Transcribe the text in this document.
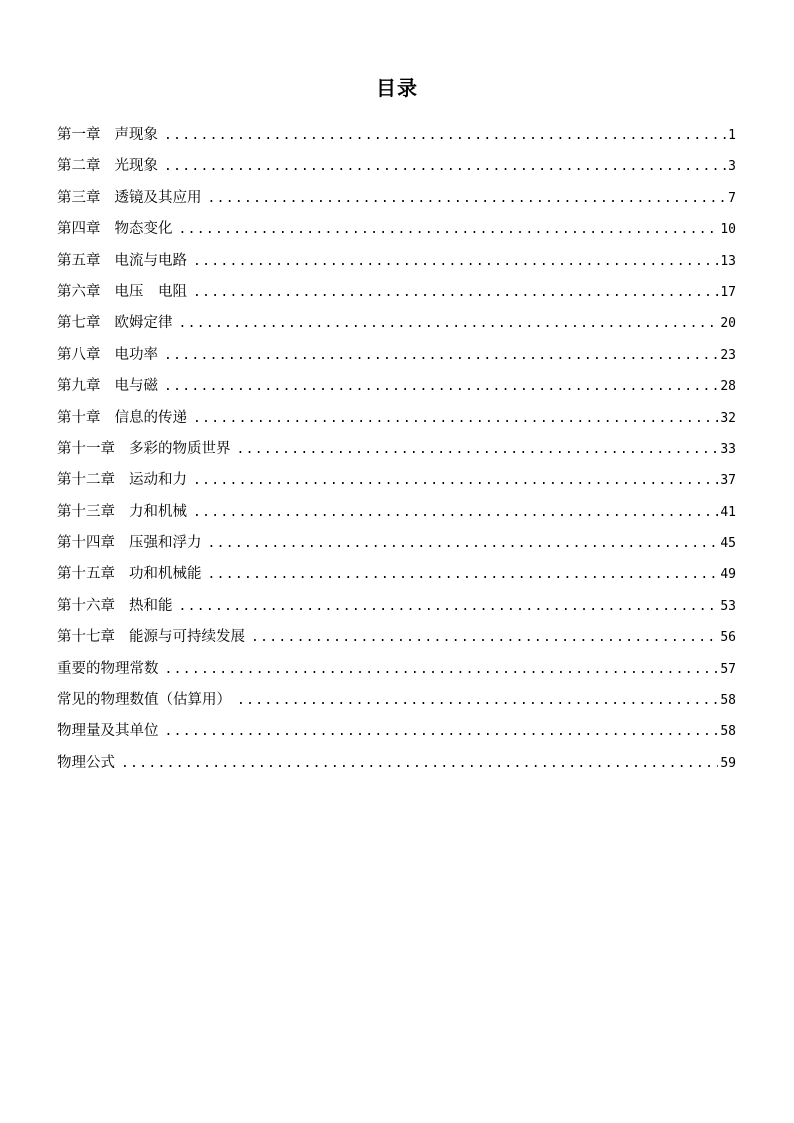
目录
第一章 声现象 .....	1
第二章 光现象 .....	3
第三章 透镜及其应用 .....	7
第四章 物态变化 .....	10
第五章 电流与电路 .....	13
第六章 电压　电阻 .....	17
第七章 欧姆定律 .....	20
第八章 电功率 .....	23
第九章 电与磁 .....	28
第十章 信息的传递 .....	32
第十一章 多彩的物质世界 .....	33
第十二章 运动和力 .....	37
第十三章 力和机械 .....	41
第十四章 压强和浮力 .....	45
第十五章 功和机械能 .....	49
第十六章 热和能 .....	53
第十七章 能源与可持续发展 .....	56
重要的物理常数 .....	57
常见的物理数值（估算用） .....	58
物理量及其单位 .....	58
物理公式 .....	59
